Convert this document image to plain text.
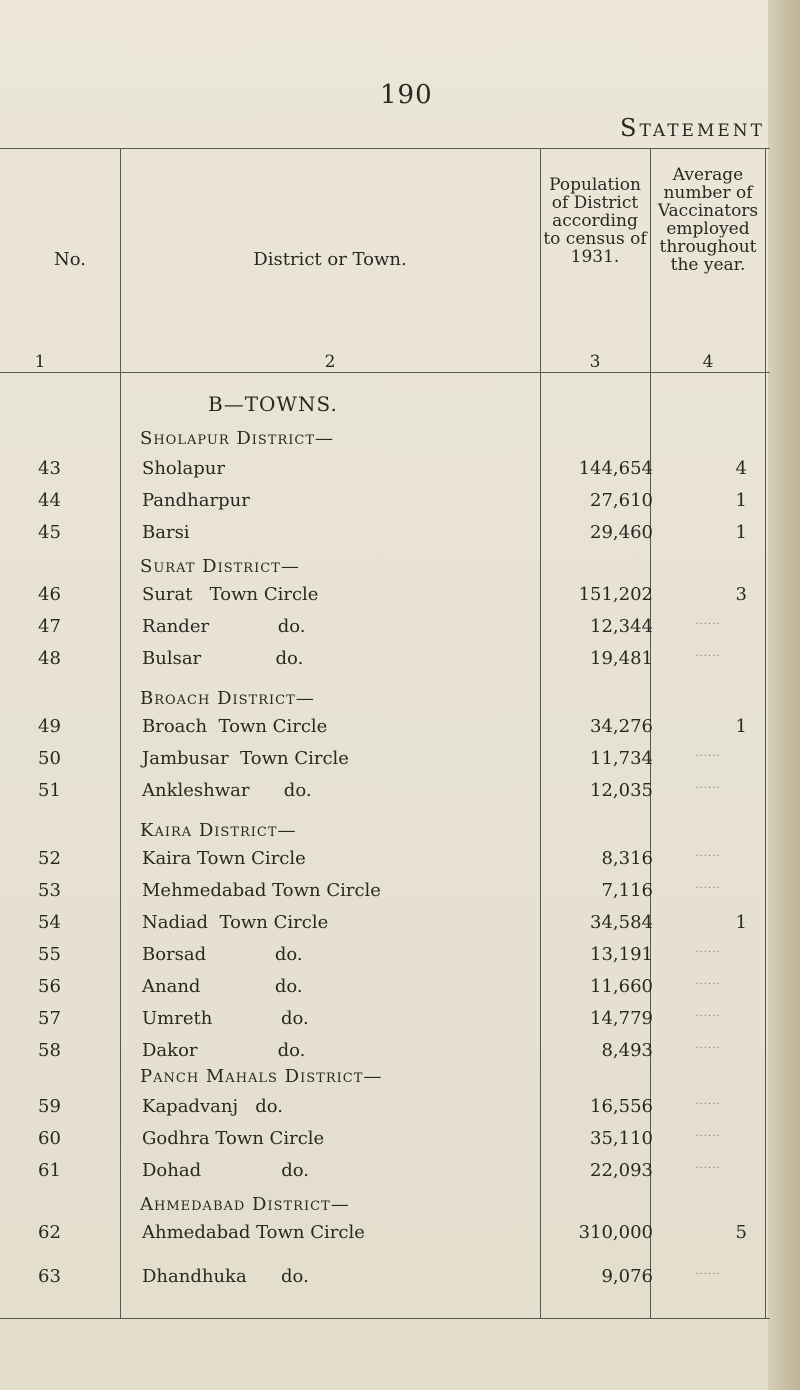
190
Statement
No.	District or Town.
Population of District according to census of 1931.
Average number of Vaccinators employed throughout the year.
1	2	3	4
B—TOWNS.
Sholapur District—
Surat District—
Broach District—
Kaira District—
Panch Mahals District—
Ahmedabad District—
43	Sholapur	144,654	4
44	Pandharpur	27,610	1
45	Barsi	29,460	1
46	Surat   Town Circle	151,202	3
47	Rander            do.	12,344	......
48	Bulsar             do.	19,481	......
49	Broach  Town Circle	34,276	1
50	Jambusar  Town Circle	11,734	......
51	Ankleshwar      do.	12,035	......
52	Kaira Town Circle	8,316	......
53	Mehmedabad Town Circle	7,116	......
54	Nadiad  Town Circle	34,584	1
55	Borsad            do.	13,191	......
56	Anand             do.	11,660	......
57	Umreth            do.	14,779	......
58	Dakor              do.	8,493	......
59	Kapadvanj   do.	16,556	......
60	Godhra Town Circle	35,110	......
61	Dohad              do.	22,093	......
62	Ahmedabad Town Circle	310,000	5
63	Dhandhuka      do.	9,076	......
